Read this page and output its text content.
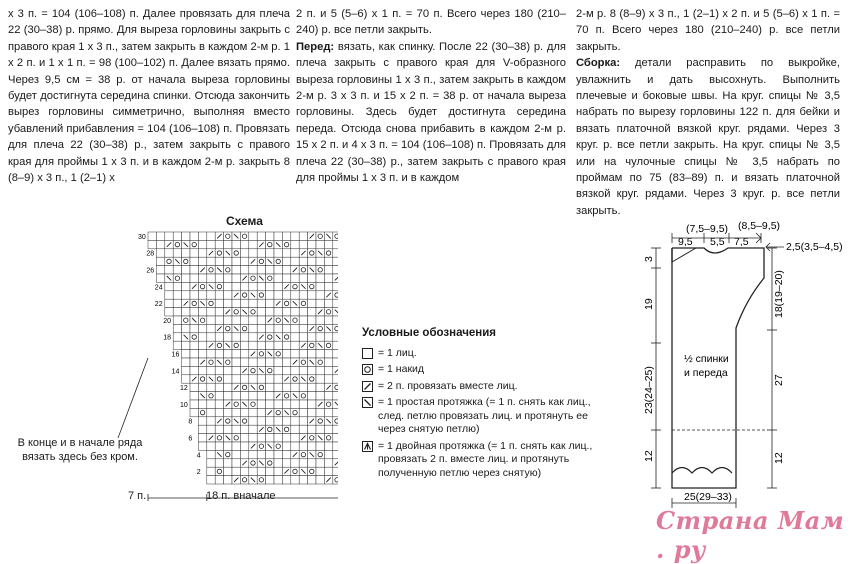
х 3 п. = 104 (106–108) п. Далее провязать для плеча 22 (30–38) р. прямо. Для выреза горловины закрыть с правого края 1 х 3 п., затем закрыть в каждом 2-м р. 1 х 2 п. и 1 х 1 п. = 98 (100–102) п. Далее вязать прямо. Через 9,5 см = 38 р. от начала выреза горловины будет достигнута середина спинки. Отсюда закончить вырез горловины симметрично, выполняя вместо убавлений прибавления = 104 (106–108) п. Провязать для плеча 22 (30–38) р., затем закрыть с правого края для проймы 1 х 3 п. и в каждом 2-м р. закрыть 8 (8–9) х 3 п., 1 (2–1) х

2 п. и 5 (5–6) х 1 п. = 70 п. Всего через 180 (210–240) р. все петли закрыть.

Перед: вязать, как спинку. После 22 (30–38) р. для плеча закрыть с правого края для V-образного выреза горловины 1 х 3 п., затем закрыть в каждом 2-м р. 3 х 3 п. и 15 х 2 п. = 38 р. от начала выреза горловины. Здесь будет достигнута середина переда. Отсюда снова прибавить в каждом 2-м р. 15 х 2 п. и 4 х 3 п. = 104 (106–108) п. Провязать для плеча 22 (30–38) р., затем закрыть с правого края для проймы 1 х 3 п. и в каждом

2-м р. 8 (8–9) х 3 п., 1 (2–1) х 2 п. и 5 (5–6) х 1 п. = 70 п. Всего через 180 (210–240) р. все петли закрыть.

Сборка: детали расправить по выкройке, увлажнить и дать высохнуть. Выполнить плечевые и боковые швы. На круг. спицы № 3,5 набрать по вырезу горловины 122 п. для бейки и вязать платочной вязкой круг. рядами. Через 3 круг. р. все петли закрыть. На круг. спицы № 3,5 или на чулочные спицы № 3,5 набрать по проймам по 75 (83–89) п. и вязать платочной вязкой круг. рядами. Через 3 круг. р. все петли закрыть.

Схема
30
28
26
24
22
20
18
16
14
12
10
8
6
4
2
В конце и в начале ряда вязать здесь без кром.
7 п.	18 п. вначале
Условные обозначения
= 1 лиц.
= 1 накид
= 2 п. провязать вместе лиц.
= 1 простая протяжка (= 1 п. снять как лиц., след. петлю провязать лиц. и протянуть ее через снятую петлю)
= 1 двойная протяжка (= 1 п. снять как лиц., провязать 2 п. вместе лиц. и протянуть полученную петлю через снятую)
(7,5–9,5) (8,5–9,5)
9,5 5,5 7,5	2,5(3,5–4,5)
3
19
23(24–25)
12
18(19–20)
27
12
½ спинки
и переда
25(29–33)
Страна Мам . ру
